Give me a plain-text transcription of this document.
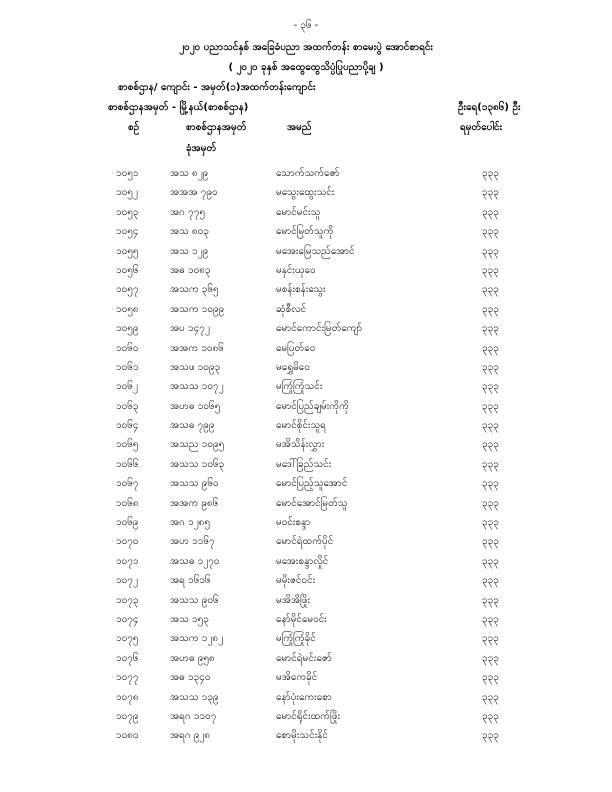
- ၃၆ -
၂၀၂၀ ပညာသင်နှစ် အခြေခံပညာ အထက်တန်း စာမေးပွဲ အောင်စာရင်း
( ၂၀၂၀ ခုနှစ် အထွေထွေသိပ္ပံပြုပညာပို့ချ )
စာစစ်ဌာန/ ကျောင်း - အမှတ်(၁)အထက်တန်းကျောင်း
စာစစ်ဌာနအမှတ် - မြို့နယ်(စာစစ်ဌာန)	ဦးရေ(၁၃၈၆) ဦး
စဉ်	စာစစ်ဌာနအမှတ်
ခုံအမှတ်
အမည်	ရမှတ်ပေါင်း
၁၀၅၁	အသ ၈၂၉	သောက်သက်ဇော်	၃၃၃
၁၀၅၂	အအအ ၇၉၀	မသွေးထွေးသင်း	၃၃၃
၁၀၅၃	အဂ ၇၇၅	မောင်မင်းသူ	၃၃၃
၁၀၅၄	အသ ၈၀၃	မောင်မြတ်သူကို	၃၃၃
၁၀၅၅	အသ ၁၂၉	မအေးမြေသည်အောင်	၃၃၃
၁၀၅၆	အဓ ၁၀၈၃	မနှင်းယုဝေ	၃၃၃
၁၀၅၇	အသက ၃၆၅	မစန်းစန်းသွေး	၃၃၃
၁၀၅၈	အသက ၁၀၉၉	ဆုံစီလင်	၃၃၃
၁၀၅၉	အပ ၁၄၇၂	မောင်ကောင်းမြတ်ကျော်	၃၃၃
၁၀၆၀	အအက ၁၀၈၆	မေပြတ်ဝေ	၃၃၃
၁၀၆၁	အသဖ ၁၀၉၃	မရွှေမိဝေ	၃၃၃
၁၀၆၂	အသသ ၁၀၇၂	မကြုံကြုံသင်း	၃၃၃
၁၀၆၃	အဟဓ ၁၀၆၅	မောင်ပြည်ချမ်းကိုကို	၃၃၃
၁၀၆၄	အသဓ ၇၉၉	မောင်စိုင်းသူရ	၃၃၃
၁၀၆၅	အသည ၁၀၉၅	မအိသိန်းလွှား	၃၃၃
၁၀၆၆	အသသ ၁၀၆၃	မဒေါ်ခြည်သင်း	၃၃၃
၁၀၆၇	အသသ ၉၆၀	မောင်ပြည့်သူအောင်	၃၃၃
၁၀၆၈	အအက ၉၈၆	မောင်အောင်မြတ်သူ	၃၃၃
၁၀၆၉	အဂ ၁၂၈၅	မဝင်းစန္ဒာ	၃၃၃
၁၀၇၀	အဟ ၁၁၆၇	မောင်ရဲထက်ပိုင်	၃၃၃
၁၀၇၁	အသဓ ၁၂၇၀	မအေးစန္ဒာလှိုင်	၃၃၃
၁၀၇၂	အရ ၁၆၁၆	မမိုးဇင်ဝင်း	၃၃၃
၁၀၇၃	အသသ ၉၀၆	မအိအိဖြိုး	၃၃၃
၁၀၇၄	အသ ၁၅၃	နော်မိုင်မေဝင်း	၃၃၃
၁၀၇၅	အသက ၁၂၈၂	မကြုံကြုံခိုင်	၃၃၃
၁၀၇၆	အဟဓ ၉၅၈	မောင်ရဲမင်းဇော်	၃၃၃
၁၀၇၇	အဓ ၁၃၄၀	မအိကေခိုင်	၃၃၃
၁၀၇၈	အသသ ၁၃၉	နော်ပုံးကေးစော	၃၃၃
၁၀၇၉	အရဂ ၁၁၀၇	မောင်ရိုင်းထက်ဖြိုး	၃၃၃
၁၀၈၀	အရဂ ၉၂၈	စောမိုးသင်းနိုင်	၃၃၃
